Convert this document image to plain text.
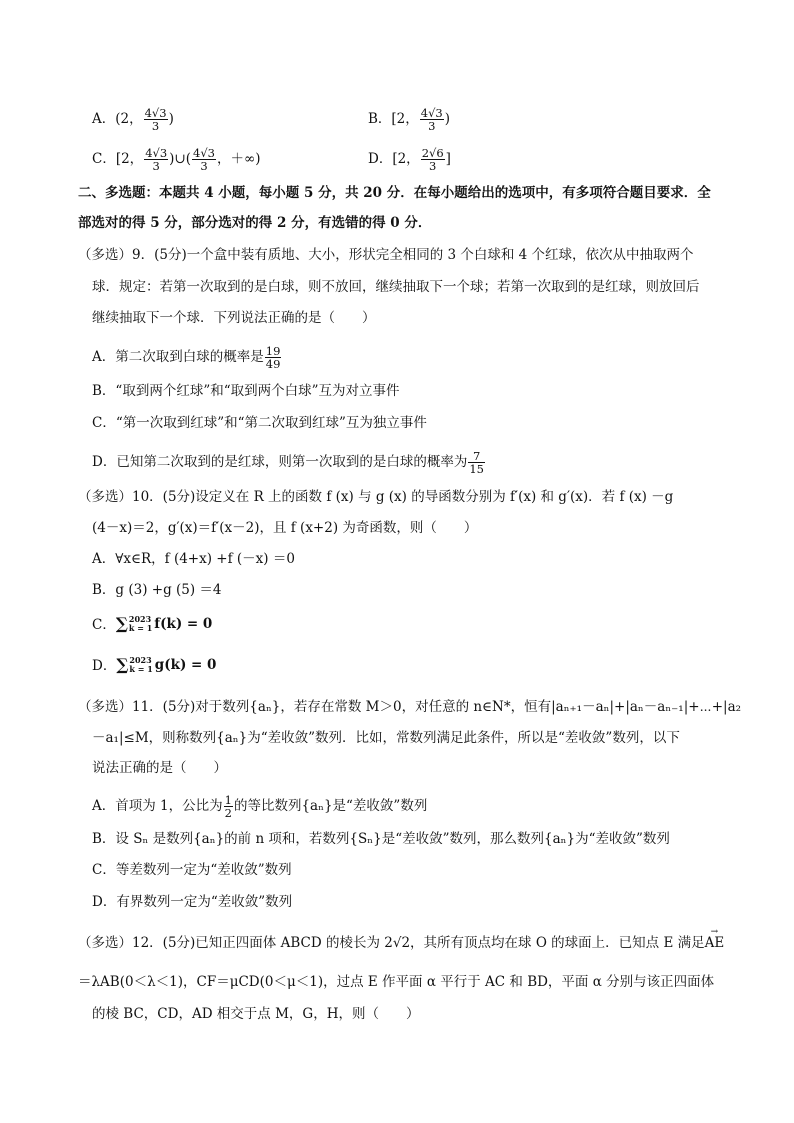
A．(2， $\frac{4√3}{3}$ )	B．[2， $\frac{4√3}{3}$ )
C．[2， $\frac{4√3}{3}$ )∪( $\frac{4√3}{3}$ ，＋∞)	D．[2， $\frac{2√6}{3}$ ]
二、多选题：本题共 4 小题，每小题 5 分，共 20 分．在每小题给出的选项中，有多项符合题目要求．全
部选对的得 5 分，部分选对的得 2 分，有选错的得 0 分．
（多选）9．(5分)一个盒中装有质地、大小，形状完全相同的 3 个白球和 4 个红球，依次从中抽取两个
球．规定：若第一次取到的是白球，则不放回，继续抽取下一个球；若第一次取到的是红球，则放回后
继续抽取下一个球．下列说法正确的是（　　）
A．第二次取到白球的概率是 $\frac{19}{49}$
B．“取到两个红球”和“取到两个白球”互为对立事件
C．“第一次取到红球”和“第二次取到红球”互为独立事件
D．已知第二次取到的是红球，则第一次取到的是白球的概率为 $\frac{7}{15}$
（多选）10．(5分)设定义在 R 上的函数 f (x) 与 g (x) 的导函数分别为 f′(x) 和 g′(x)．若 f (x) －g
(4－x)＝2，g′(x)＝f′(x－2)，且 f (x+2) 为奇函数，则（　　）
A．∀x∈R，f (4+x) +f (－x) ＝0
B．g (3) +g (5) ＝4
C． ∑ 2023
k = 1 f(k) = 0
D． ∑ 2023
k = 1 g(k) = 0
（多选）11．(5分)对于数列{aₙ}，若存在常数 M＞0，对任意的 n∈N*，恒有|aₙ₊₁－aₙ|+|aₙ－aₙ₋₁|+⋯+|a₂
－a₁|≤M，则称数列{aₙ}为“差收敛”数列．比如，常数列满足此条件，所以是“差收敛”数列，以下
说法正确的是（　　）
A．首项为 1，公比为 $\frac{1}{2}$ 的等比数列{aₙ}是“差收敛”数列
B．设 Sₙ 是数列{aₙ}的前 n 项和，若数列{Sₙ}是“差收敛”数列，那么数列{aₙ}为“差收敛”数列
C．等差数列一定为“差收敛”数列
D．有界数列一定为“差收敛”数列
（多选）12．(5分)已知正四面体 ABCD 的棱长为 2√2，其所有顶点均在球 O 的球面上．已知点 E 满足→ AE
＝λAB(0＜λ＜1)，CF＝μCD(0＜μ＜1)，过点 E 作平面 α 平行于 AC 和 BD，平面 α 分别与该正四面体
的棱 BC，CD，AD 相交于点 M，G，H，则（　　）
